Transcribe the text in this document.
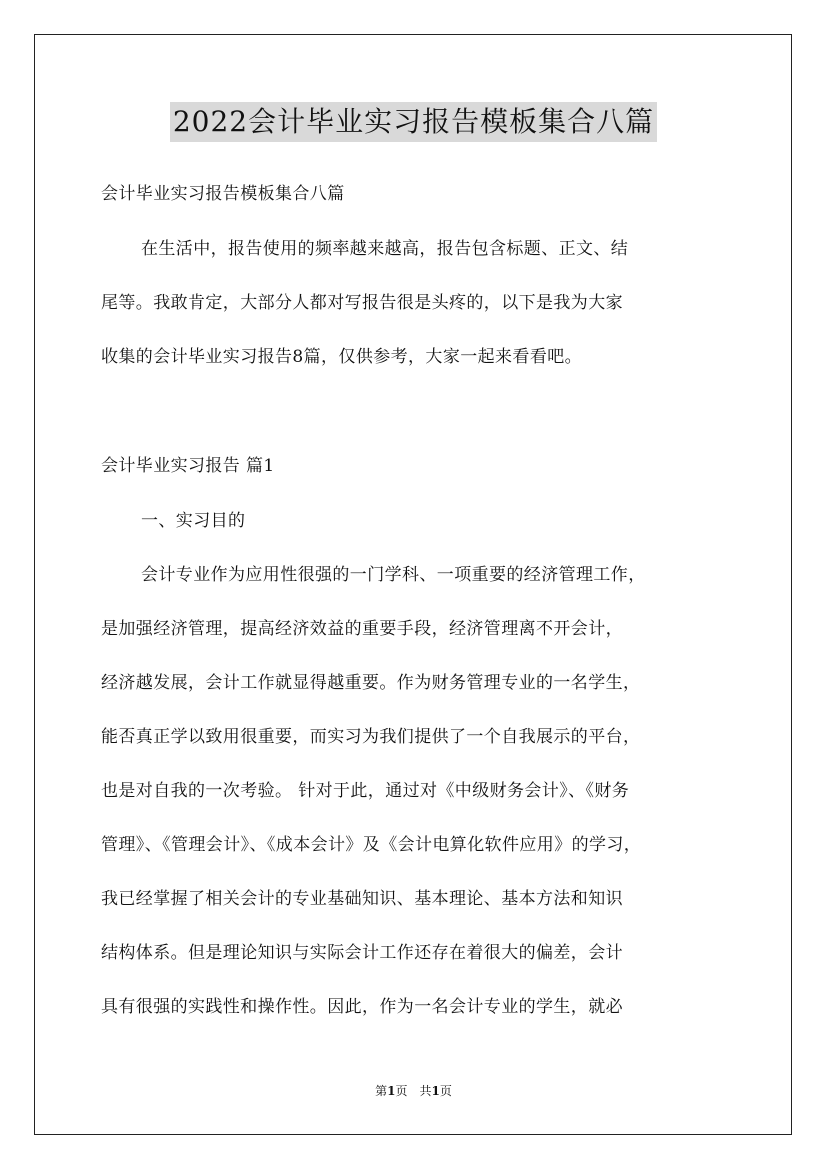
2022会计毕业实习报告模板集合八篇
会计毕业实习报告模板集合八篇
在生活中，报告使用的频率越来越高，报告包含标题、正文、结
尾等。我敢肯定，大部分人都对写报告很是头疼的，以下是我为大家
收集的会计毕业实习报告8篇，仅供参考，大家一起来看看吧。
会计毕业实习报告 篇1
一、实习目的
会计专业作为应用性很强的一门学科、一项重要的经济管理工作，
是加强经济管理，提高经济效益的重要手段，经济管理离不开会计，
经济越发展，会计工作就显得越重要。作为财务管理专业的一名学生，
能否真正学以致用很重要，而实习为我们提供了一个自我展示的平台，
也是对自我的一次考验。 针对于此，通过对《中级财务会计》、《财务
管理》、《管理会计》、《成本会计》及《会计电算化软件应用》的学习，
我已经掌握了相关会计的专业基础知识、基本理论、基本方法和知识
结构体系。但是理论知识与实际会计工作还存在着很大的偏差，会计
具有很强的实践性和操作性。因此，作为一名会计专业的学生，就必
第1页　共1页
